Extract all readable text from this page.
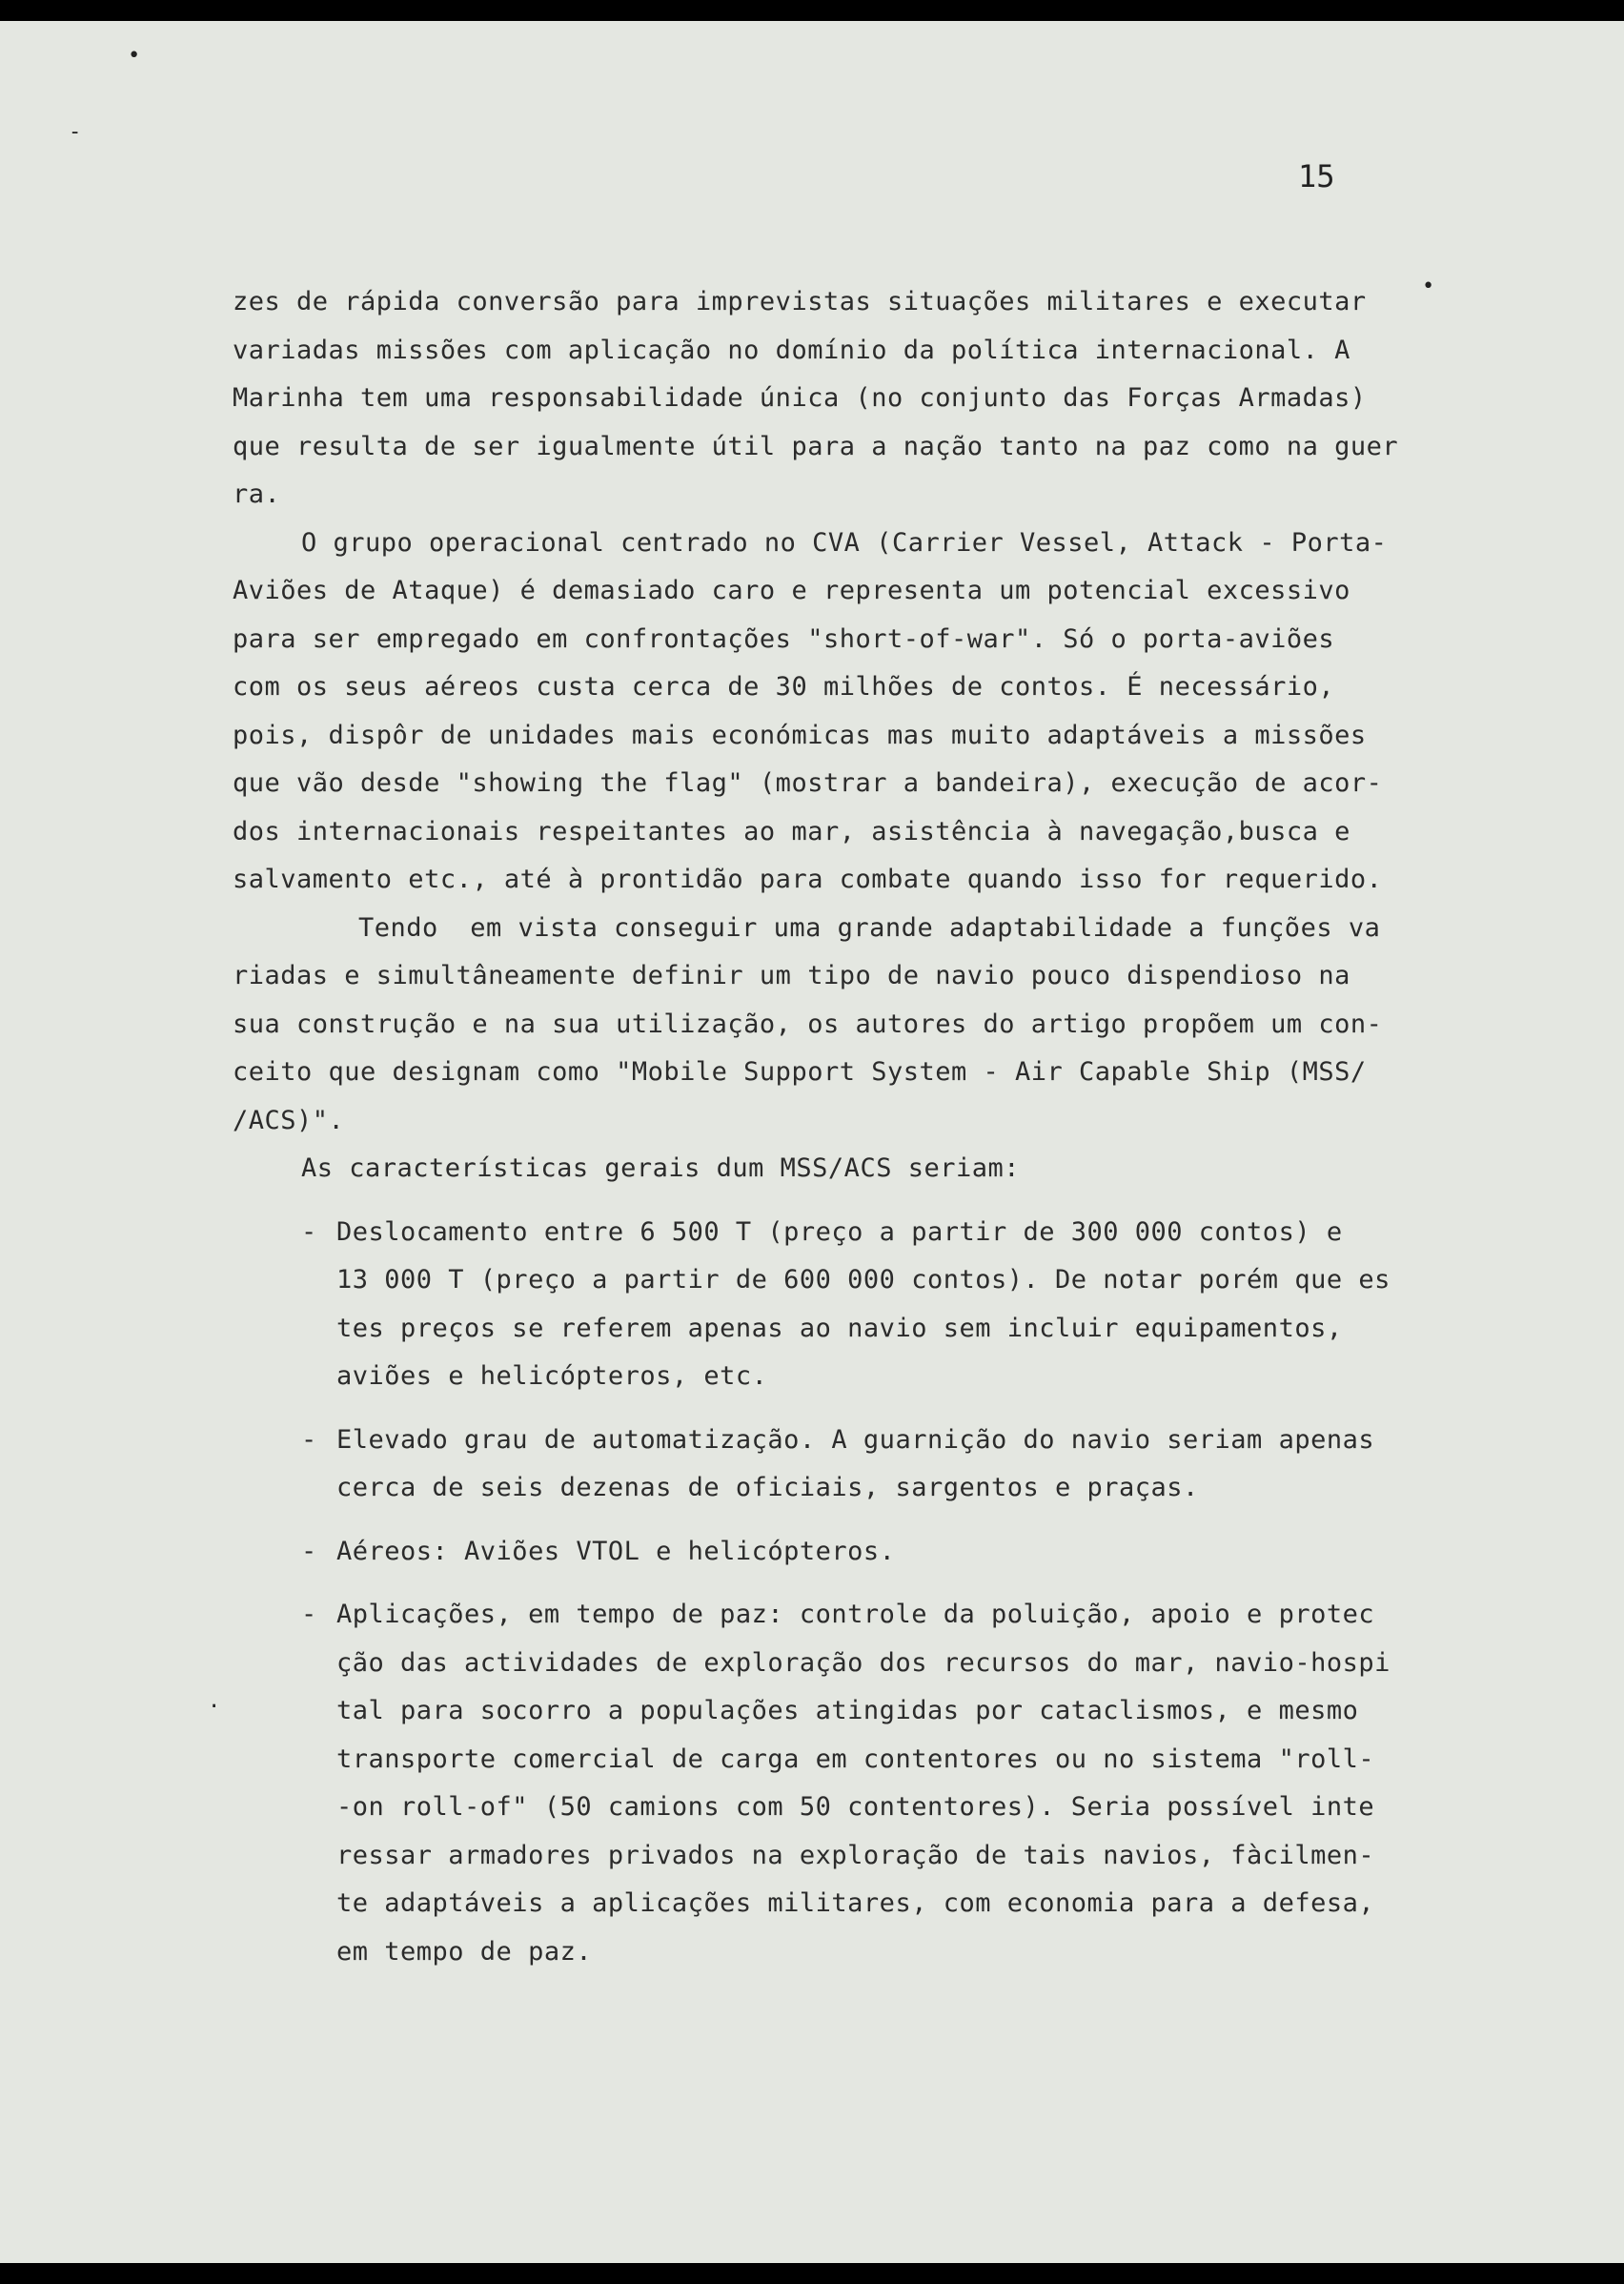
•
-
•
.
15
zes de rápida conversão para imprevistas situações militares e executar
variadas missões com aplicação no domínio da política internacional. A
Marinha tem uma responsabilidade única (no conjunto das Forças Armadas)
que resulta de ser igualmente útil para a nação tanto na paz como na guer
ra.
O grupo operacional centrado no CVA (Carrier Vessel, Attack - Porta-
Aviões de Ataque) é demasiado caro e representa um potencial excessivo
para ser empregado em confrontações "short-of-war". Só o porta-aviões
com os seus aéreos custa cerca de 30 milhões de contos. É necessário,
pois, dispôr de unidades mais económicas mas muito adaptáveis a missões
que vão desde "showing the flag" (mostrar a bandeira), execução de acor-
dos internacionais respeitantes ao mar, asistência à navegação,busca e
salvamento etc., até à prontidão para combate quando isso for requerido.
Tendo  em vista conseguir uma grande adaptabilidade a funções va
riadas e simultâneamente definir um tipo de navio pouco dispendioso na
sua construção e na sua utilização, os autores do artigo propõem um con-
ceito que designam como "Mobile Support System - Air Capable Ship (MSS/
/ACS)".
As características gerais dum MSS/ACS seriam:
- Deslocamento entre 6 500 T (preço a partir de 300 000 contos) e
13 000 T (preço a partir de 600 000 contos). De notar porém que es
tes preços se referem apenas ao navio sem incluir equipamentos,
aviões e helicópteros, etc.
- Elevado grau de automatização. A guarnição do navio seriam apenas
cerca de seis dezenas de oficiais, sargentos e praças.
- Aéreos: Aviões VTOL e helicópteros.
- Aplicações, em tempo de paz: controle da poluição, apoio e protec
ção das actividades de exploração dos recursos do mar, navio-hospi
tal para socorro a populações atingidas por cataclismos, e mesmo
transporte comercial de carga em contentores ou no sistema "roll-
-on roll-of" (50 camions com 50 contentores). Seria possível inte
ressar armadores privados na exploração de tais navios, fàcilmen-
te adaptáveis a aplicações militares, com economia para a defesa,
em tempo de paz.
